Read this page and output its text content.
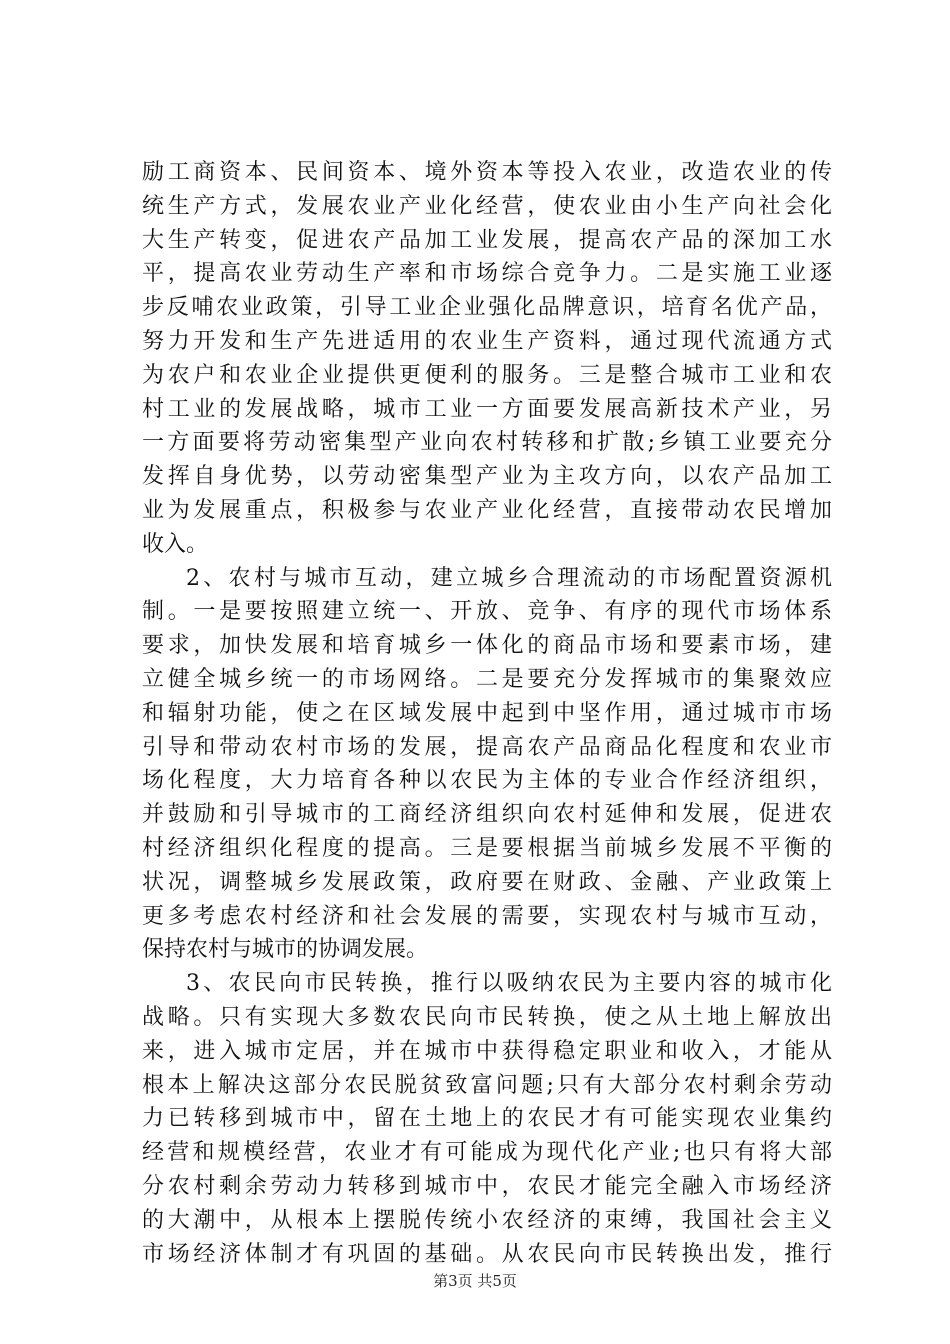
励工商资本、民间资本、境外资本等投入农业，改造农业的传
统生产方式，发展农业产业化经营，使农业由小生产向社会化
大生产转变，促进农产品加工业发展，提高农产品的深加工水
平，提高农业劳动生产率和市场综合竞争力。二是实施工业逐
步反哺农业政策，引导工业企业强化品牌意识，培育名优产品，
努力开发和生产先进适用的农业生产资料，通过现代流通方式
为农户和农业企业提供更便利的服务。三是整合城市工业和农
村工业的发展战略，城市工业一方面要发展高新技术产业，另
一方面要将劳动密集型产业向农村转移和扩散;乡镇工业要充分
发挥自身优势，以劳动密集型产业为主攻方向，以农产品加工
业为发展重点，积极参与农业产业化经营，直接带动农民增加
收入。
2、农村与城市互动，建立城乡合理流动的市场配置资源机
制。一是要按照建立统一、开放、竞争、有序的现代市场体系
要求，加快发展和培育城乡一体化的商品市场和要素市场，建
立健全城乡统一的市场网络。二是要充分发挥城市的集聚效应
和辐射功能，使之在区域发展中起到中坚作用，通过城市市场
引导和带动农村市场的发展，提高农产品商品化程度和农业市
场化程度，大力培育各种以农民为主体的专业合作经济组织，
并鼓励和引导城市的工商经济组织向农村延伸和发展，促进农
村经济组织化程度的提高。三是要根据当前城乡发展不平衡的
状况，调整城乡发展政策，政府要在财政、金融、产业政策上
更多考虑农村经济和社会发展的需要，实现农村与城市互动，
保持农村与城市的协调发展。
3、农民向市民转换，推行以吸纳农民为主要内容的城市化
战略。只有实现大多数农民向市民转换，使之从土地上解放出
来，进入城市定居，并在城市中获得稳定职业和收入，才能从
根本上解决这部分农民脱贫致富问题;只有大部分农村剩余劳动
力已转移到城市中，留在土地上的农民才有可能实现农业集约
经营和规模经营，农业才有可能成为现代化产业;也只有将大部
分农村剩余劳动力转移到城市中，农民才能完全融入市场经济
的大潮中，从根本上摆脱传统小农经济的束缚，我国社会主义
市场经济体制才有巩固的基础。从农民向市民转换出发，推行
第3页 共5页
